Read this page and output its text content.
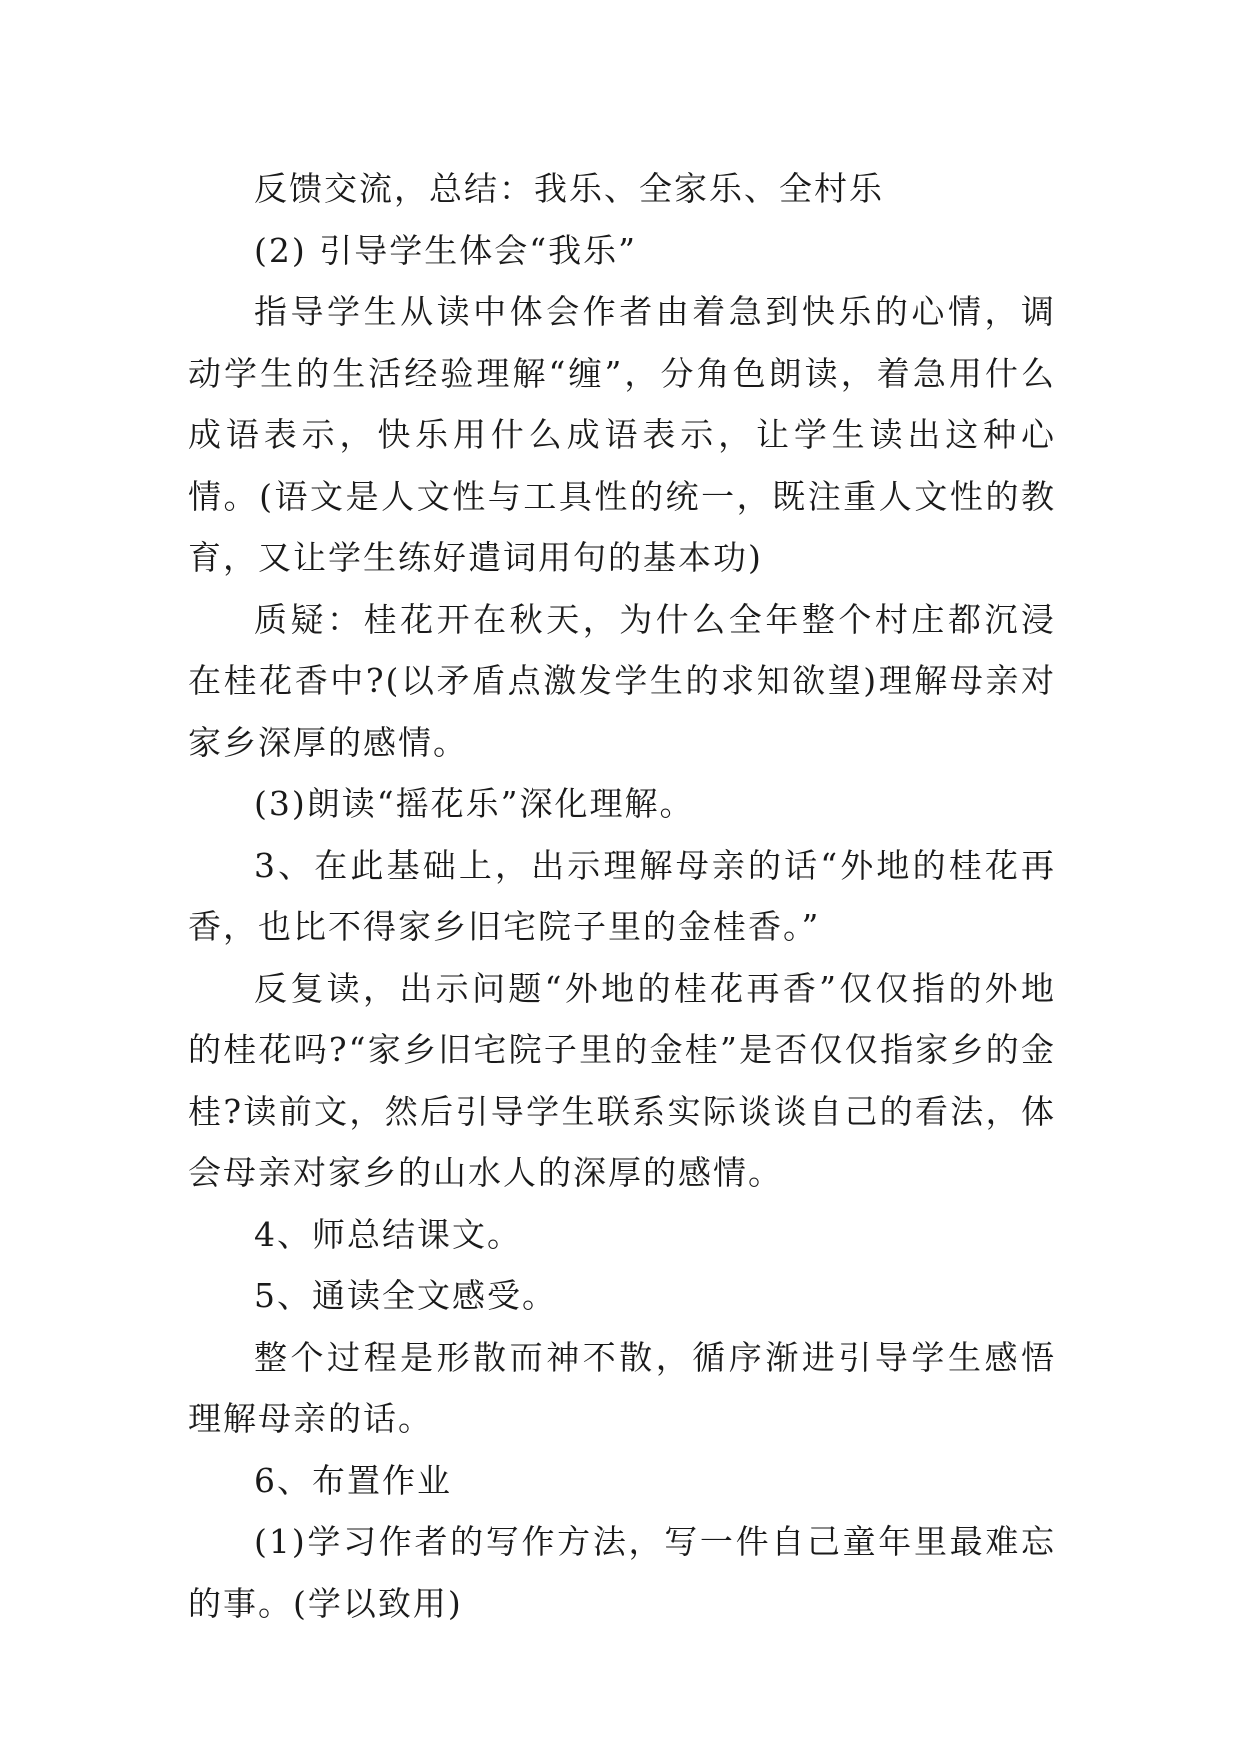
反馈交流，总结：我乐、全家乐、全村乐

(2) 引导学生体会“我乐”

指导学生从读中体会作者由着急到快乐的心情，调动学生的生活经验理解“缠”，分角色朗读，着急用什么成语表示，快乐用什么成语表示，让学生读出这种心情。(语文是人文性与工具性的统一，既注重人文性的教育，又让学生练好遣词用句的基本功)

质疑：桂花开在秋天，为什么全年整个村庄都沉浸在桂花香中?(以矛盾点激发学生的求知欲望)理解母亲对家乡深厚的感情。

(3)朗读“摇花乐”深化理解。

3、在此基础上，出示理解母亲的话“外地的桂花再香，也比不得家乡旧宅院子里的金桂香。”

反复读，出示问题“外地的桂花再香”仅仅指的外地的桂花吗?“家乡旧宅院子里的金桂”是否仅仅指家乡的金桂?读前文，然后引导学生联系实际谈谈自己的看法，体会母亲对家乡的山水人的深厚的感情。

4、师总结课文。

5、通读全文感受。

整个过程是形散而神不散，循序渐进引导学生感悟理解母亲的话。

6、布置作业

(1)学习作者的写作方法，写一件自己童年里最难忘的事。(学以致用)
